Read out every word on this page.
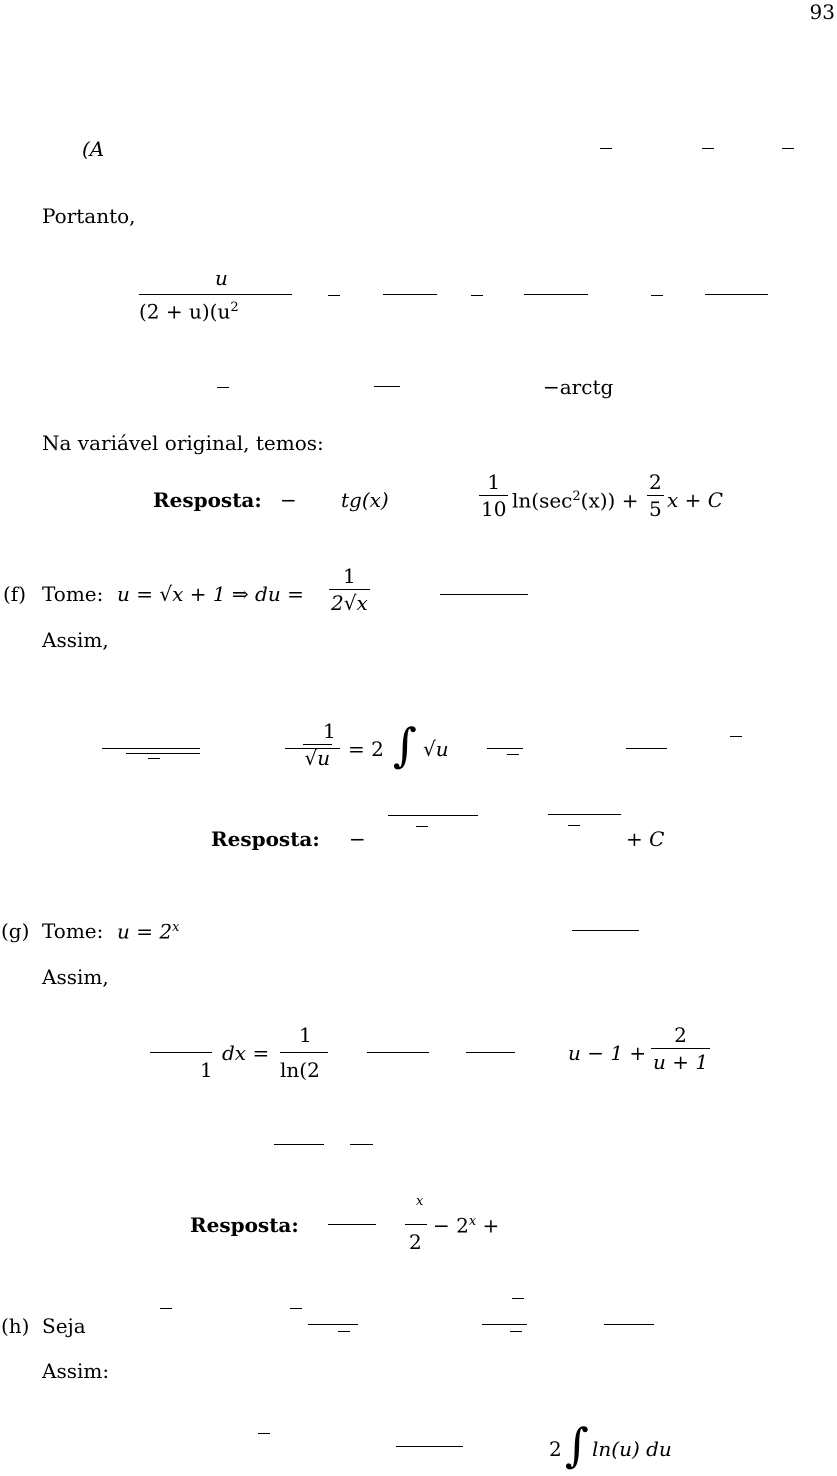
93
(A
Portanto,
u
$(2 + u)(u^2$
−arctg
Na variável original, temos:
Resposta: − tg(x)	$\frac{1}{10} \ln(\sec^2(x)) + \frac{2}{5}$ x + C
(f) Tome: u = √x + 1 ⇒ du = $\frac{1}{2√x}$
Assim,
$\frac{1}{√u} = 2$ ∫ √u
Resposta: −	+ C
(g) Tome: $u = 2^x$
Assim,
1
dx =
1
ln(2
$u - 1 + \frac{2}{u + 1}$
Resposta:
x
2
− $2^x$ +
(h) Seja
Assim:
2 ∫ ln(u) du
